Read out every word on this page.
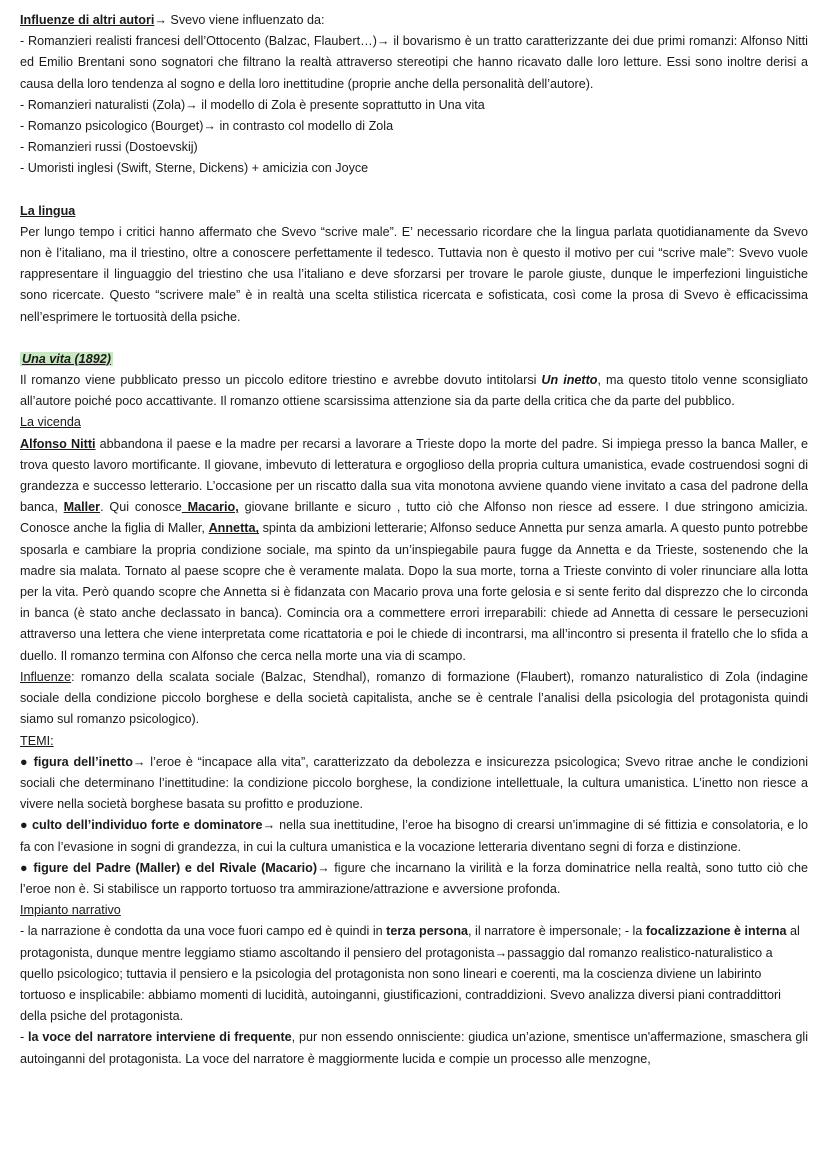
Influenze di altri autori→ Svevo viene influenzato da:

- Romanzieri realisti francesi dell’Ottocento (Balzac, Flaubert…)→ il bovarismo è un tratto caratterizzante dei due primi romanzi: Alfonso Nitti ed Emilio Brentani sono sognatori che filtrano la realtà attraverso stereotipi che hanno ricavato dalle loro letture. Essi sono inoltre derisi a causa della loro tendenza al sogno e della loro inettitudine (proprie anche della personalità dell’autore).

- Romanzieri naturalisti (Zola)→ il modello di Zola è presente soprattutto in Una vita

- Romanzo psicologico (Bourget)→ in contrasto col modello di Zola

- Romanzieri russi (Dostoevskij)

- Umoristi inglesi (Swift, Sterne, Dickens) + amicizia con Joyce

La lingua

Per lungo tempo i critici hanno affermato che Svevo “scrive male”. E’ necessario ricordare che la lingua parlata quotidianamente da Svevo non è l’italiano, ma il triestino, oltre a conoscere perfettamente il tedesco. Tuttavia non è questo il motivo per cui “scrive male”: Svevo vuole rappresentare il linguaggio del triestino che usa l’italiano e deve sforzarsi per trovare le parole giuste, dunque le imperfezioni linguistiche sono ricercate. Questo “scrivere male” è in realtà una scelta stilistica ricercata e sofisticata, così come la prosa di Svevo è efficacissima nell’esprimere le tortuosità della psiche.

Una vita (1892)

Il romanzo viene pubblicato presso un piccolo editore triestino e avrebbe dovuto intitolarsi Un inetto, ma questo titolo venne sconsigliato all’autore poiché poco accattivante. Il romanzo ottiene scarsissima attenzione sia da parte della critica che da parte del pubblico.

La vicenda

Alfonso Nitti abbandona il paese e la madre per recarsi a lavorare a Trieste dopo la morte del padre. Si impiega presso la banca Maller, e trova questo lavoro mortificante. Il giovane, imbevuto di letteratura e orgoglioso della propria cultura umanistica, evade costruendosi sogni di grandezza e successo letterario. L’occasione per un riscatto dalla sua vita monotona avviene quando viene invitato a casa del padrone della banca, Maller. Qui conosce Macario, giovane brillante e sicuro , tutto ciò che Alfonso non riesce ad essere. I due stringono amicizia. Conosce anche la figlia di Maller, Annetta, spinta da ambizioni letterarie; Alfonso seduce Annetta pur senza amarla. A questo punto potrebbe sposarla e cambiare la propria condizione sociale, ma spinto da un’inspiegabile paura fugge da Annetta e da Trieste, sostenendo che la madre sia malata. Tornato al paese scopre che è veramente malata. Dopo la sua morte, torna a Trieste convinto di voler rinunciare alla lotta per la vita. Però quando scopre che Annetta si è fidanzata con Macario prova una forte gelosia e si sente ferito dal disprezzo che lo circonda in banca (è stato anche declassato in banca). Comincia ora a commettere errori irreparabili: chiede ad Annetta di cessare le persecuzioni attraverso una lettera che viene interpretata come ricattatoria e poi le chiede di incontrarsi, ma all’incontro si presenta il fratello che lo sfida a duello. Il romanzo termina con Alfonso che cerca nella morte una via di scampo.

Influenze: romanzo della scalata sociale (Balzac, Stendhal), romanzo di formazione (Flaubert), romanzo naturalistico di Zola (indagine sociale della condizione piccolo borghese e della società capitalista, anche se è centrale l’analisi della psicologia del protagonista quindi siamo sul romanzo psicologico).

TEMI:

● figura dell’inetto→ l’eroe è “incapace alla vita”, caratterizzato da debolezza e insicurezza psicologica; Svevo ritrae anche le condizioni sociali che determinano l’inettitudine: la condizione piccolo borghese, la condizione intellettuale, la cultura umanistica. L’inetto non riesce a vivere nella società borghese basata su profitto e produzione.

● culto dell’individuo forte e dominatore→ nella sua inettitudine, l’eroe ha bisogno di crearsi un’immagine di sé fittizia e consolatoria, e lo fa con l’evasione in sogni di grandezza, in cui la cultura umanistica e la vocazione letteraria diventano segni di forza e distinzione.

● figure del Padre (Maller) e del Rivale (Macario)→ figure che incarnano la virilità e la forza dominatrice nella realtà, sono tutto ciò che l’eroe non è. Si stabilisce un rapporto tortuoso tra ammirazione/attrazione e avversione profonda.

Impianto narrativo

- la narrazione è condotta da una voce fuori campo ed è quindi in terza persona, il narratore è impersonale; - la focalizzazione è interna al protagonista, dunque mentre leggiamo stiamo ascoltando il pensiero del protagonista→passaggio dal romanzo realistico-naturalistico a quello psicologico; tuttavia il pensiero e la psicologia del protagonista non sono lineari e coerenti, ma la coscienza diviene un labirinto tortuoso e insplicabile: abbiamo momenti di lucidità, autoinganni, giustificazioni, contraddizioni. Svevo analizza diversi piani contraddittori della psiche del protagonista.

- la voce del narratore interviene di frequente, pur non essendo onnisciente: giudica un’azione, smentisce un'affermazione, smaschera gli autoinganni del protagonista. La voce del narratore è maggiormente lucida e compie un processo alle menzogne,
